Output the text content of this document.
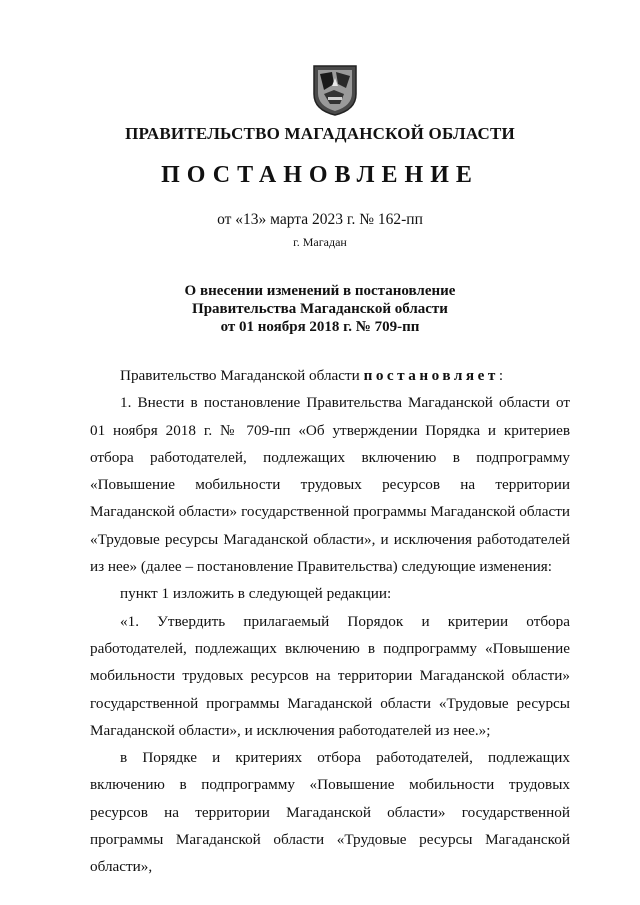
ПРАВИТЕЛЬСТВО МАГАДАНСКОЙ ОБЛАСТИ
ПОСТАНОВЛЕНИЕ
от «13» марта 2023 г. № 162-пп
г. Магадан
О внесении изменений в постановление
Правительства Магаданской области
от 01 ноября 2018 г. № 709-пп

Правительство Магаданской области постановляет:

1. Внести в постановление Правительства Магаданской области от 01 ноября 2018 г. № 709-пп «Об утверждении Порядка и критериев отбора работодателей, подлежащих включению в подпрограмму «Повышение мобильности трудовых ресурсов на территории Магаданской области» государственной программы Магаданской области «Трудовые ресурсы Магаданской области», и исключения работодателей из нее» (далее – постановление Правительства) следующие изменения:

пункт 1 изложить в следующей редакции:

«1. Утвердить прилагаемый Порядок и критерии отбора работодателей, подлежащих включению в подпрограмму «Повышение мобильности трудовых ресурсов на территории Магаданской области» государственной программы Магаданской области «Трудовые ресурсы Магаданской области», и исключения работодателей из нее.»;

в Порядке и критериях отбора работодателей, подлежащих включению в подпрограмму «Повышение мобильности трудовых ресурсов на территории Магаданской области» государственной программы Магаданской области «Трудовые ресурсы Магаданской области»,
